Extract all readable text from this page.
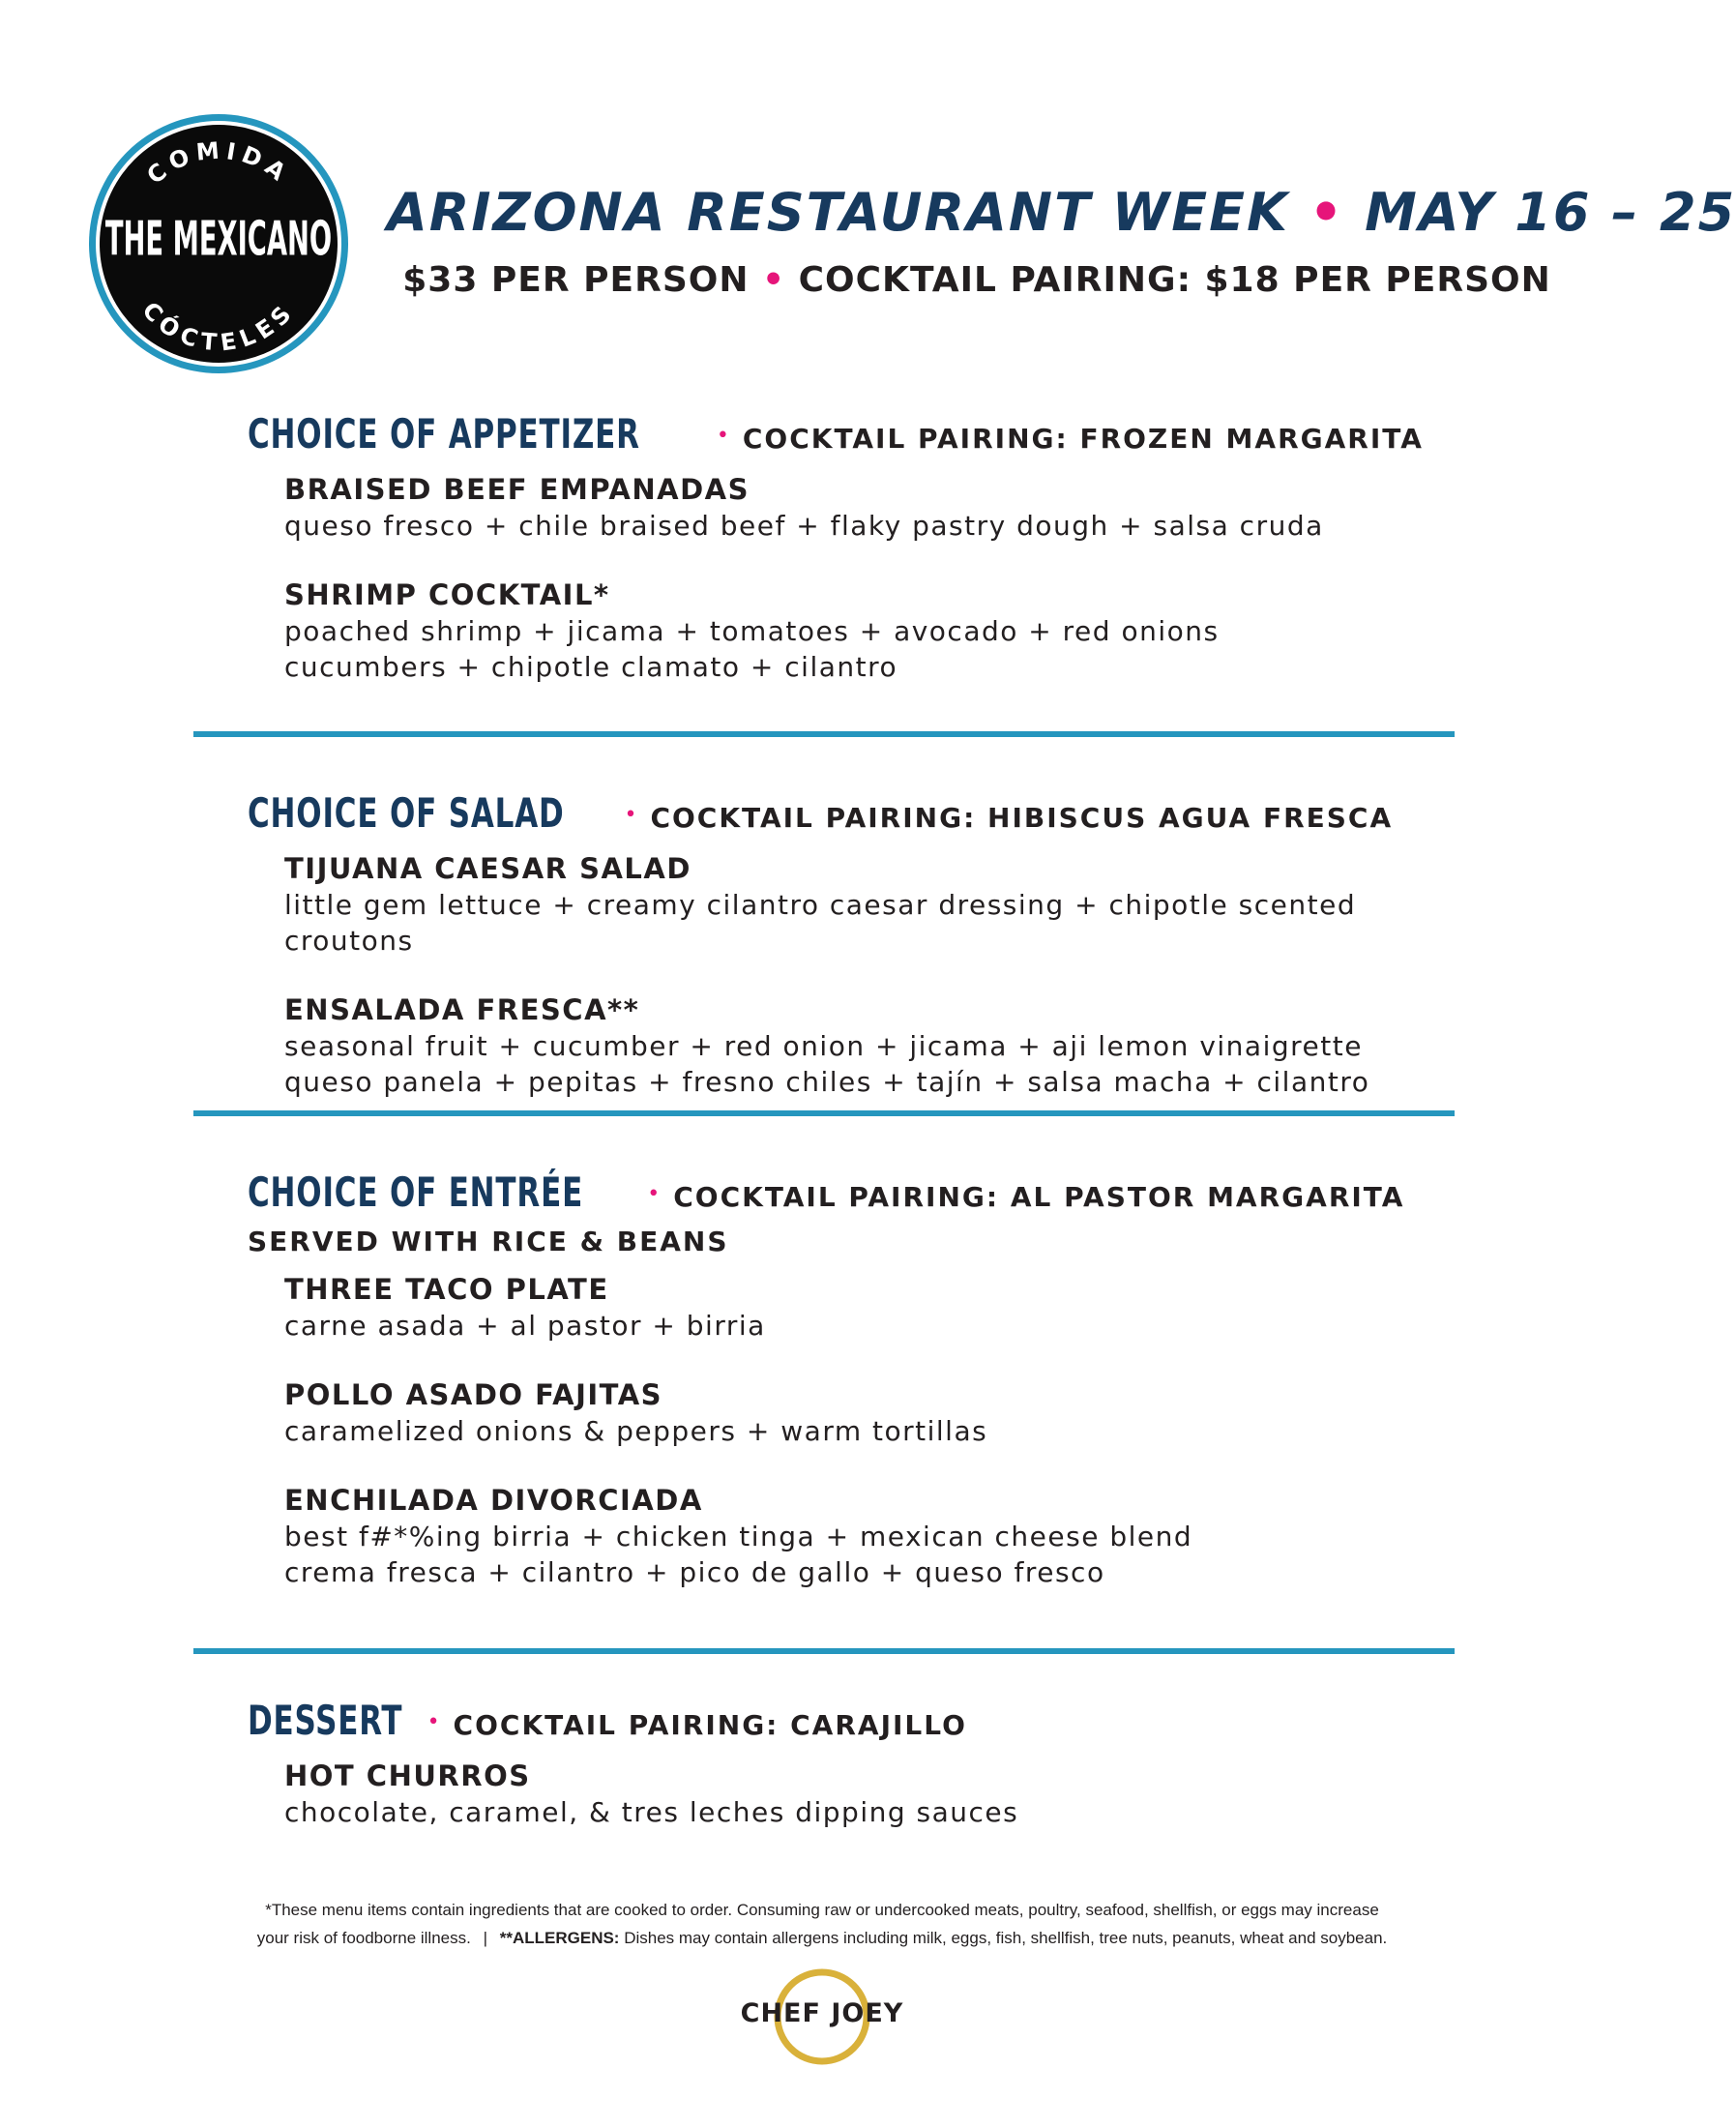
COMIDA
THE MEXICANO
CÓCTELES
ARIZONA RESTAURANT WEEK • MAY 16 – 25
$33 PER PERSON • COCKTAIL PAIRING: $18 PER PERSON
CHOICE OF APPETIZER	• COCKTAIL PAIRING: FROZEN MARGARITA
BRAISED BEEF EMPANADAS
queso fresco + chile braised beef + flaky pastry dough + salsa cruda
SHRIMP COCKTAIL*
poached shrimp + jicama + tomatoes + avocado + red onions
cucumbers + chipotle clamato + cilantro
CHOICE OF SALAD	• COCKTAIL PAIRING: HIBISCUS AGUA FRESCA
TIJUANA CAESAR SALAD
little gem lettuce + creamy cilantro caesar dressing + chipotle scented croutons
ENSALADA FRESCA**
seasonal fruit + cucumber + red onion + jicama + aji lemon vinaigrette
queso panela + pepitas + fresno chiles + tajín + salsa macha + cilantro
CHOICE OF ENTRÉE	• COCKTAIL PAIRING: AL PASTOR MARGARITA
SERVED WITH RICE & BEANS
THREE TACO PLATE
carne asada + al pastor + birria
POLLO ASADO FAJITAS
caramelized onions & peppers + warm tortillas
ENCHILADA DIVORCIADA
best f#*%ing birria + chicken tinga + mexican cheese blend
crema fresca + cilantro + pico de gallo + queso fresco
DESSERT • COCKTAIL PAIRING: CARAJILLO
HOT CHURROS
chocolate, caramel, & tres leches dipping sauces
*These menu items contain ingredients that are cooked to order. Consuming raw or undercooked meats, poultry, seafood, shellfish, or eggs may increase
your risk of foodborne illness. | **ALLERGENS: Dishes may contain allergens including milk, eggs, fish, shellfish, tree nuts, peanuts, wheat and soybean.
CHEF JOEY
